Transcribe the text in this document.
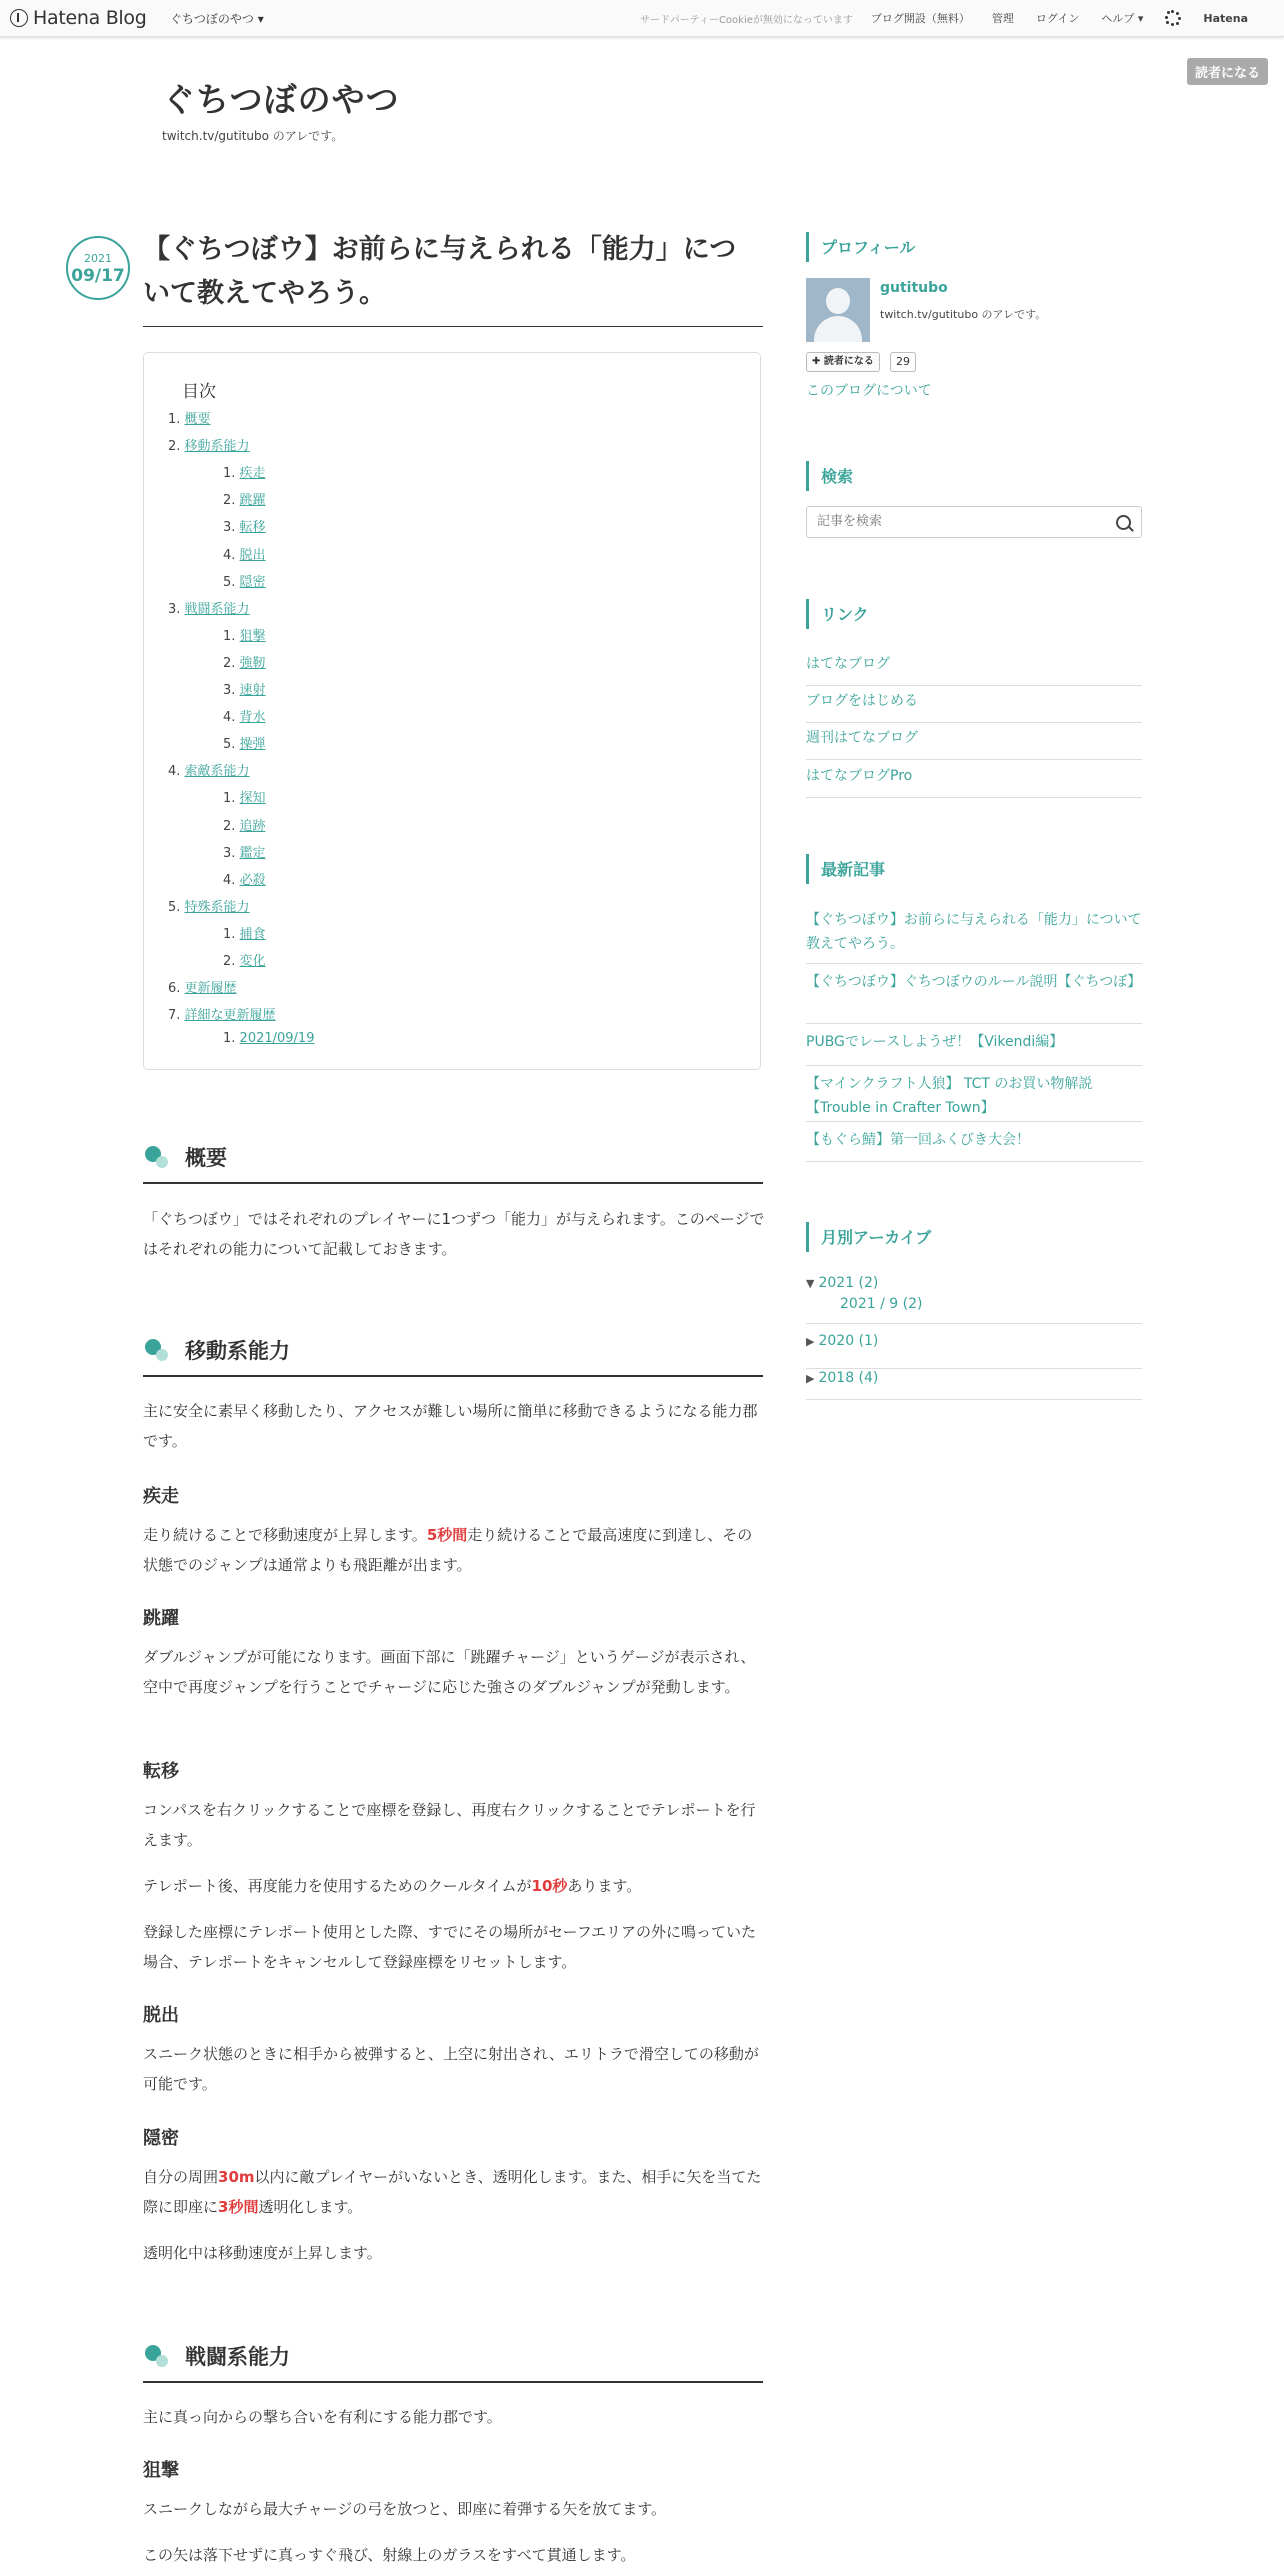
Hatena Blog ぐちつぼのやつ ▾	サードパーティーCookieが無効になっています ブログ開設（無料） 管理 ログイン ヘルプ ▾	Hatena
読者になる
ぐちつぼのやつ
twitch.tv/gutitubo のアレです。
2021
09/17
【ぐちつぼウ】お前らに与えられる「能力」について教えてやろう。
目次
1. 概要
2. 移動系能力
1. 疾走
2. 跳躍
3. 転移
4. 脱出
5. 隠密
3. 戦闘系能力
1. 狙撃
2. 強靭
3. 速射
4. 背水
5. 操弾
4. 索敵系能力
1. 探知
2. 追跡
3. 鑑定
4. 必殺
5. 特殊系能力
1. 捕食
2. 変化
6. 更新履歴
7. 詳細な更新履歴
1. 2021/09/19
概要
「ぐちつぼウ」ではそれぞれのプレイヤーに1つずつ「能力」が与えられます。このページではそれぞれの能力について記載しておきます。
移動系能力
主に安全に素早く移動したり、アクセスが難しい場所に簡単に移動できるようになる能力郡です。
疾走
走り続けることで移動速度が上昇します。5秒間走り続けることで最高速度に到達し、その状態でのジャンプは通常よりも飛距離が出ます。
跳躍
ダブルジャンプが可能になります。画面下部に「跳躍チャージ」というゲージが表示され、空中で再度ジャンプを行うことでチャージに応じた強さのダブルジャンプが発動します。
転移
コンパスを右クリックすることで座標を登録し、再度右クリックすることでテレポートを行えます。
テレポート後、再度能力を使用するためのクールタイムが10秒あります。
登録した座標にテレポート使用とした際、すでにその場所がセーフエリアの外に鳴っていた場合、テレポートをキャンセルして登録座標をリセットします。
脱出
スニーク状態のときに相手から被弾すると、上空に射出され、エリトラで滑空しての移動が可能です。
隠密
自分の周囲30m以内に敵プレイヤーがいないとき、透明化します。また、相手に矢を当てた際に即座に3秒間透明化します。
透明化中は移動速度が上昇します。
戦闘系能力
主に真っ向からの撃ち合いを有利にする能力郡です。
狙撃
スニークしながら最大チャージの弓を放つと、即座に着弾する矢を放てます。
この矢は落下せずに真っすぐ飛び、射線上のガラスをすべて貫通します。
プロフィール
gutitubo
twitch.tv/gutitubo のアレです。
✚ 読者になる	29
このブログについて
検索
記事を検索
リンク
はてなブログ
ブログをはじめる
週刊はてなブログ
はてなブログPro
最新記事
【ぐちつぼウ】お前らに与えられる「能力」について教えてやろう。
【ぐちつぼウ】ぐちつぼウのルール説明【ぐちつぼ】
PUBGでレースしようぜ！【Vikendi編】
【マインクラフト人狼】 TCT のお買い物解説 【Trouble in Crafter Town】
【もぐら鯖】第一回ふくびき大会！
月別アーカイブ
▼ 2021 (2)
2021 / 9 (2)
▶ 2020 (1)
▶ 2018 (4)
